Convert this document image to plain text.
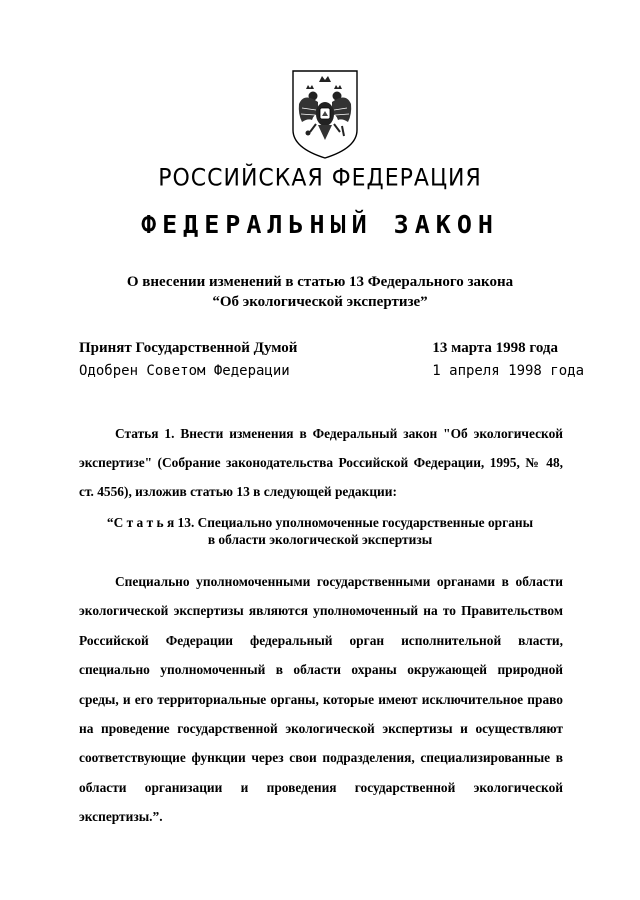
РОССИЙСКАЯ ФЕДЕРАЦИЯ
ФЕДЕРАЛЬНЫЙ ЗАКОН
О внесении изменений в статью 13 Федерального закона
“Об экологической экспертизе”
Принят Государственной Думой	13 марта 1998 года
Одобрен Советом Федерации	1 апреля 1998 года
Статья 1. Внести изменения в Федеральный закон "Об экологической экспертизе" (Собрание законодательства Российской Федерации, 1995, № 48, ст. 4556), изложив статью 13 в следующей редакции:
“С т а т ь я 13. Специально уполномоченные государственные органы
в области экологической экспертизы
Специально уполномоченными государственными органами в области экологической экспертизы являются уполномоченный на то Правительством Российской Федерации федеральный орган исполнительной власти, специально уполномоченный в области охраны окружающей природной среды, и его территориальные органы, которые имеют исключительное право на проведение государственной экологической экспертизы и осуществляют соответствующие функции через свои подразделения, специализированные в области организации и проведения государственной экологической экспертизы.”.
